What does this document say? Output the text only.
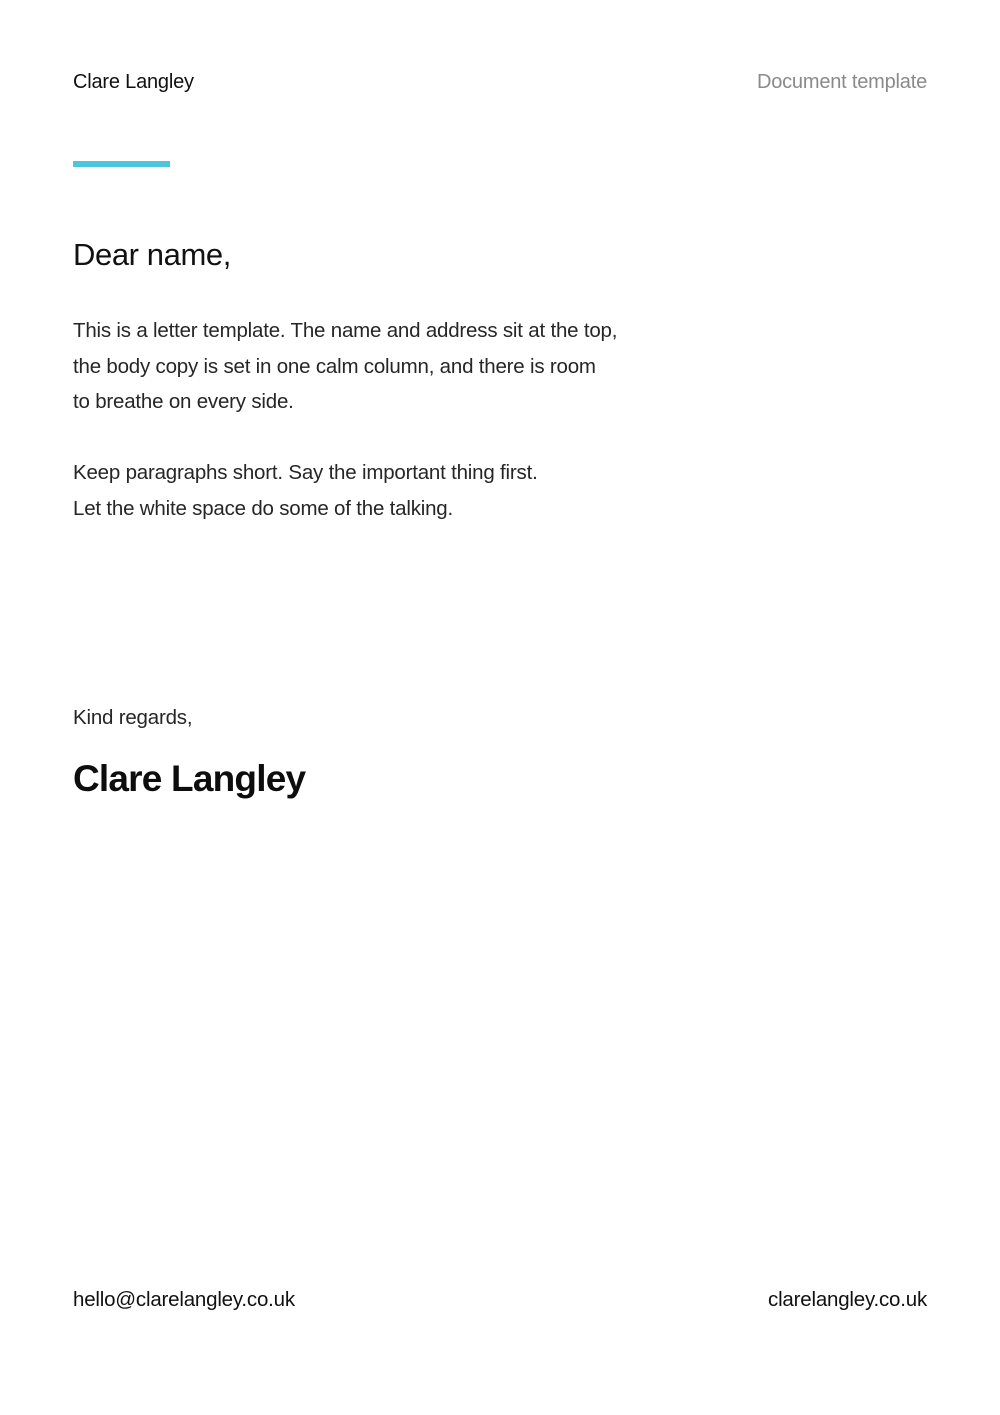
Clare Langley	Document template
Dear name,

This is a letter template. The name and address sit at the top,
the body copy is set in one calm column, and there is room
to breathe on every side.

Keep paragraphs short. Say the important thing first.
Let the white space do some of the talking.

Kind regards,
Clare Langley
hello@clarelangley.co.uk	clarelangley.co.uk
